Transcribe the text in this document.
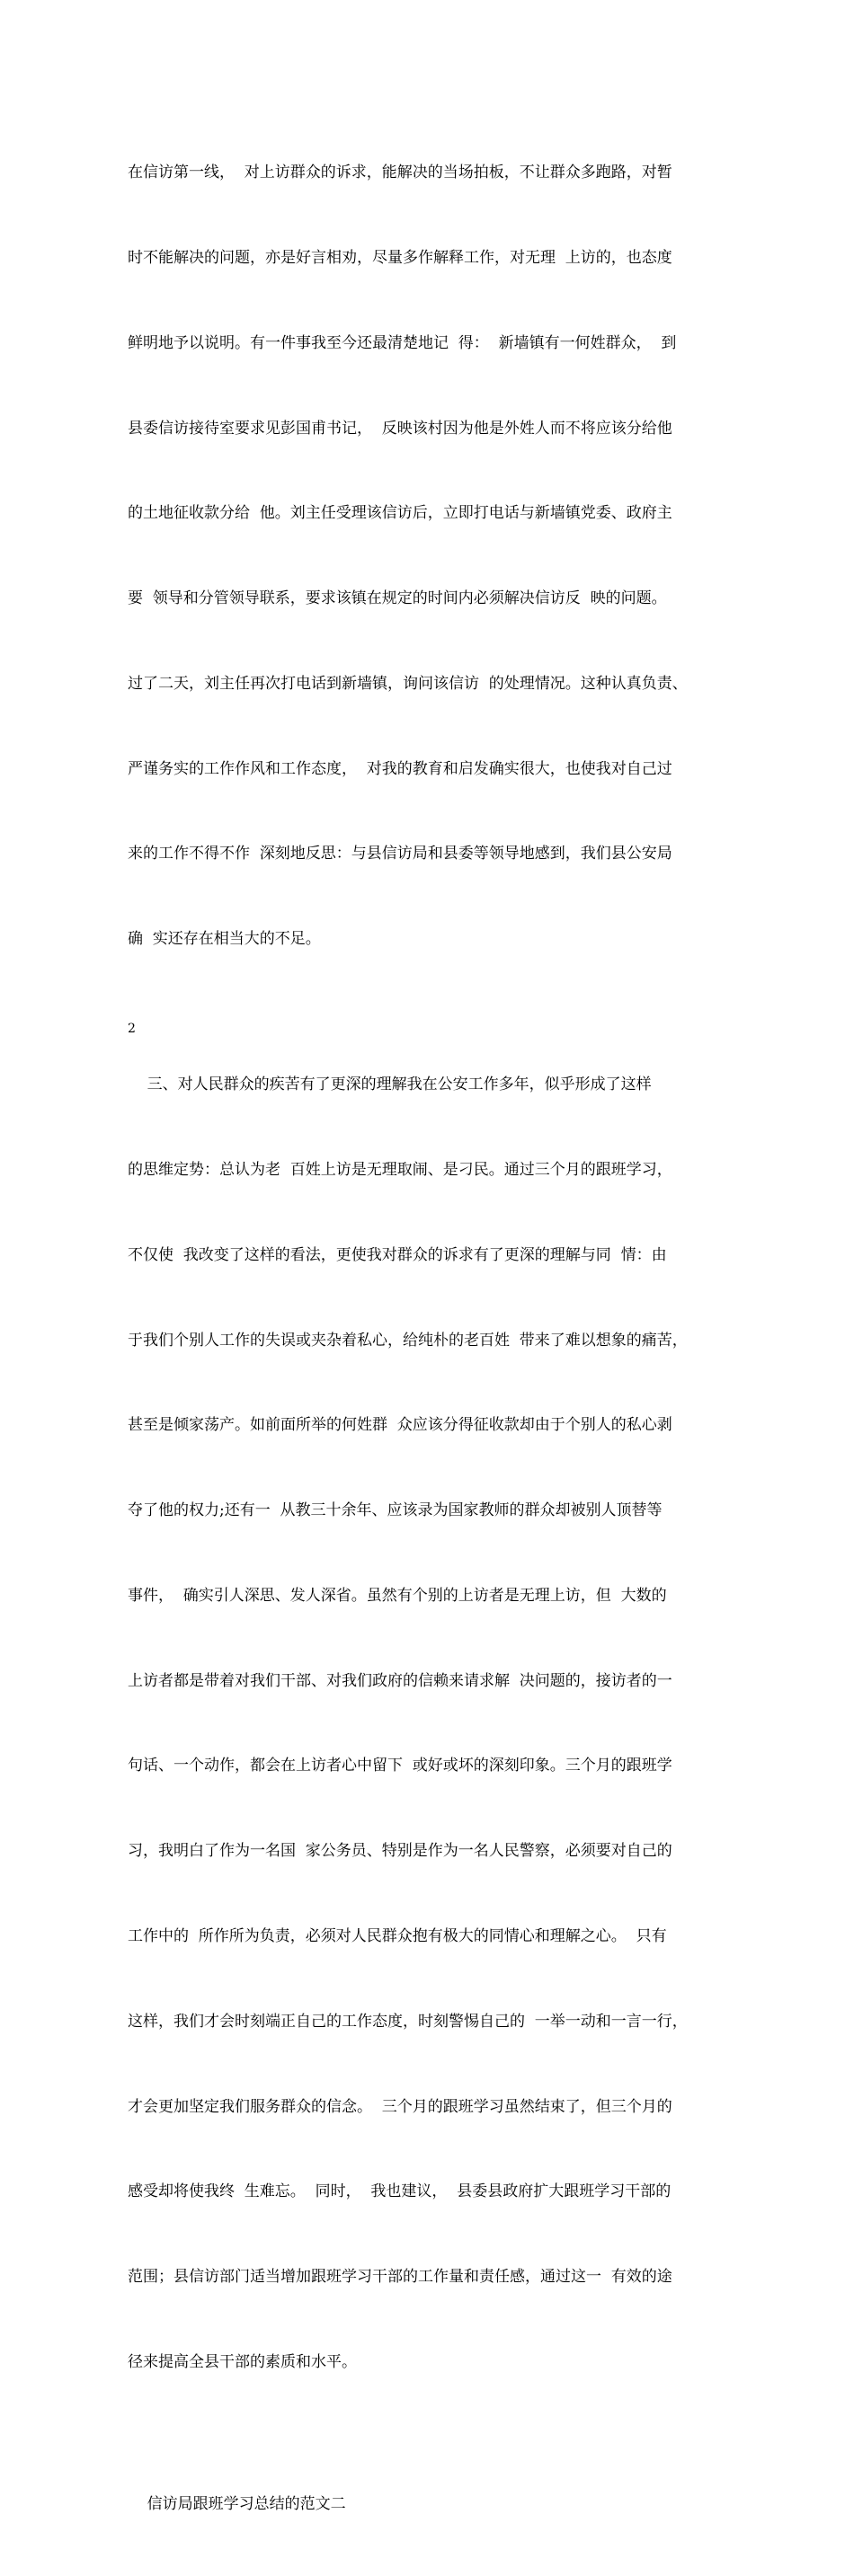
在信访第一线，  对上访群众的诉求，能解决的当场拍板，不让群众多跑路，对暂

时不能解决的问题，亦是好言相劝，尽量多作解释工作，对无理  上访的，也态度

鲜明地予以说明。有一件事我至今还最清楚地记  得：  新墙镇有一何姓群众，  到

县委信访接待室要求见彭国甫书记，  反映该村因为他是外姓人而不将应该分给他

的土地征收款分给  他。刘主任受理该信访后，立即打电话与新墙镇党委、政府主

要  领导和分管领导联系，要求该镇在规定的时间内必须解决信访反  映的问题。

过了二天，刘主任再次打电话到新墙镇，询问该信访  的处理情况。这种认真负责、

严谨务实的工作作风和工作态度，  对我的教育和启发确实很大，也使我对自己过

来的工作不得不作  深刻地反思：与县信访局和县委等领导地感到，我们县公安局

确  实还存在相当大的不足。

三、对人民群众的疾苦有了更深的理解我在公安工作多年，似乎形成了这样

的思维定势：总认为老  百姓上访是无理取闹、是刁民。通过三个月的跟班学习，

不仅使  我改变了这样的看法，更使我对群众的诉求有了更深的理解与同  情：由

于我们个别人工作的失误或夹杂着私心，给纯朴的老百姓  带来了难以想象的痛苦，

甚至是倾家荡产。如前面所举的何姓群  众应该分得征收款却由于个别人的私心剥

夺了他的权力;还有一  从教三十余年、应该录为国家教师的群众却被别人顶替等

事件，  确实引人深思、发人深省。虽然有个别的上访者是无理上访，但  大数的

上访者都是带着对我们干部、对我们政府的信赖来请求解  决问题的，接访者的一

句话、一个动作，都会在上访者心中留下  或好或坏的深刻印象。三个月的跟班学

习，我明白了作为一名国  家公务员、特别是作为一名人民警察，必须要对自己的

工作中的  所作所为负责，必须对人民群众抱有极大的同情心和理解之心。  只有

这样，我们才会时刻端正自己的工作态度，时刻警惕自己的  一举一动和一言一行，

才会更加坚定我们服务群众的信念。  三个月的跟班学习虽然结束了，但三个月的

感受却将使我终  生难忘。  同时，  我也建议，  县委县政府扩大跟班学习干部的

范围；县信访部门适当增加跟班学习干部的工作量和责任感，通过这一  有效的途

径来提高全县干部的素质和水平。

信访局跟班学习总结的范文二

2
